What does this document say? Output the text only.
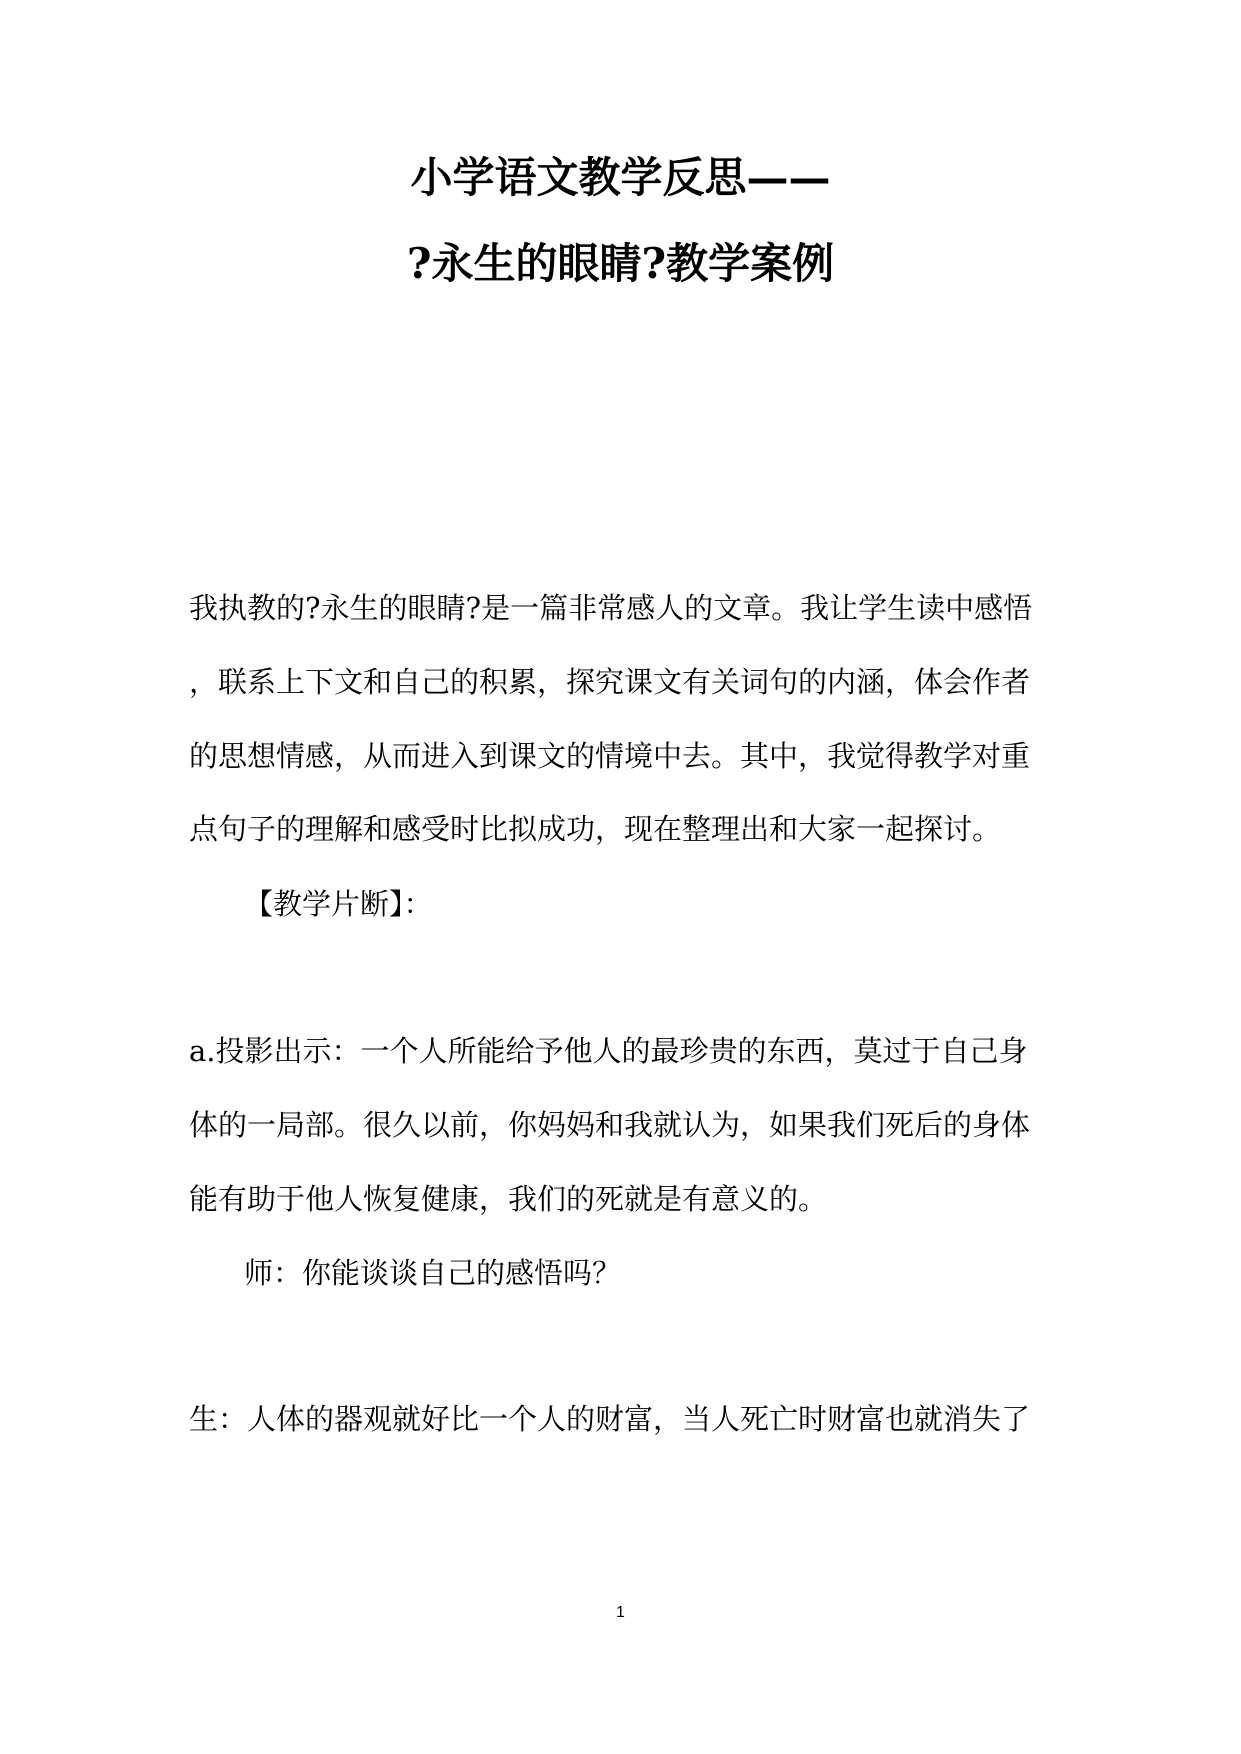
小学语文教学反思——
?永生的眼睛?教学案例
我执教的?永生的眼睛?是一篇非常感人的文章。我让学生读中感悟
，联系上下文和自己的积累，探究课文有关词句的内涵，体会作者
的思想情感，从而进入到课文的情境中去。其中，我觉得教学对重
点句子的理解和感受时比拟成功，现在整理出和大家一起探讨。
【教学片断】：
a.投影出示：一个人所能给予他人的最珍贵的东西，莫过于自己身
体的一局部。很久以前，你妈妈和我就认为，如果我们死后的身体
能有助于他人恢复健康，我们的死就是有意义的。
师：你能谈谈自己的感悟吗？
生：人体的器观就好比一个人的财富，当人死亡时财富也就消失了
1
